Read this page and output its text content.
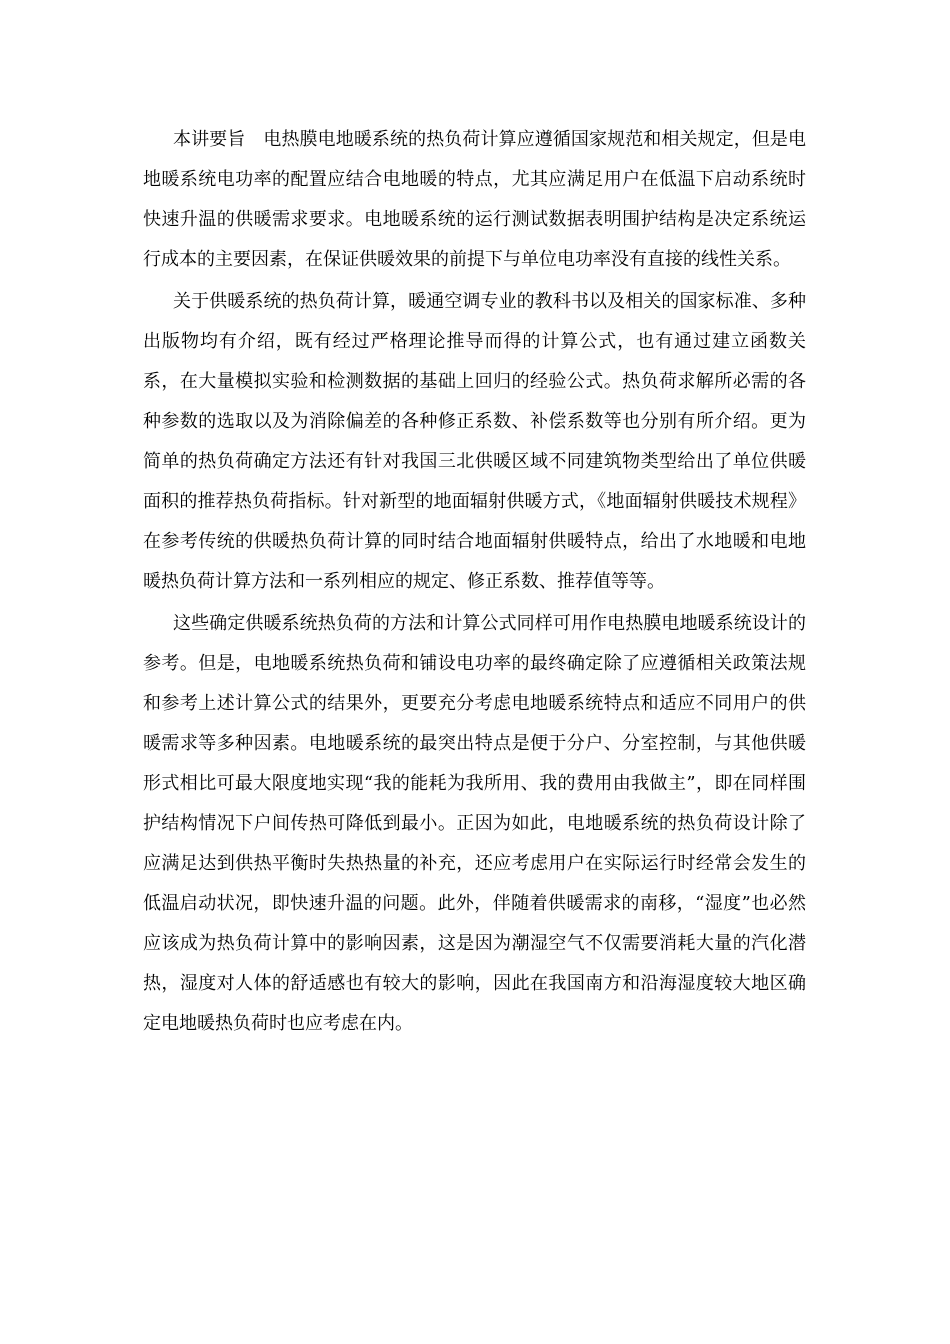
本讲要旨 电热膜电地暖系统的热负荷计算应遵循国家规范和相关规定，但是电地暖系统电功率的配置应结合电地暖的特点，尤其应满足用户在低温下启动系统时快速升温的供暖需求要求。电地暖系统的运行测试数据表明围护结构是决定系统运行成本的主要因素，在保证供暖效果的前提下与单位电功率没有直接的线性关系。

关于供暖系统的热负荷计算，暖通空调专业的教科书以及相关的国家标准、多种出版物均有介绍，既有经过严格理论推导而得的计算公式，也有通过建立函数关系，在大量模拟实验和检测数据的基础上回归的经验公式。热负荷求解所必需的各种参数的选取以及为消除偏差的各种修正系数、补偿系数等也分别有所介绍。更为简单的热负荷确定方法还有针对我国三北供暖区域不同建筑物类型给出了单位供暖面积的推荐热负荷指标。针对新型的地面辐射供暖方式，《地面辐射供暖技术规程》在参考传统的供暖热负荷计算的同时结合地面辐射供暖特点，给出了水地暖和电地暖热负荷计算方法和一系列相应的规定、修正系数、推荐值等等。

这些确定供暖系统热负荷的方法和计算公式同样可用作电热膜电地暖系统设计的参考。但是，电地暖系统热负荷和铺设电功率的最终确定除了应遵循相关政策法规和参考上述计算公式的结果外，更要充分考虑电地暖系统特点和适应不同用户的供暖需求等多种因素。电地暖系统的最突出特点是便于分户、分室控制，与其他供暖形式相比可最大限度地实现“我的能耗为我所用、我的费用由我做主”，即在同样围护结构情况下户间传热可降低到最小。正因为如此，电地暖系统的热负荷设计除了应满足达到供热平衡时失热热量的补充，还应考虑用户在实际运行时经常会发生的低温启动状况，即快速升温的问题。此外，伴随着供暖需求的南移，“湿度”也必然应该成为热负荷计算中的影响因素，这是因为潮湿空气不仅需要消耗大量的汽化潜热，湿度对人体的舒适感也有较大的影响，因此在我国南方和沿海湿度较大地区确定电地暖热负荷时也应考虑在内。
